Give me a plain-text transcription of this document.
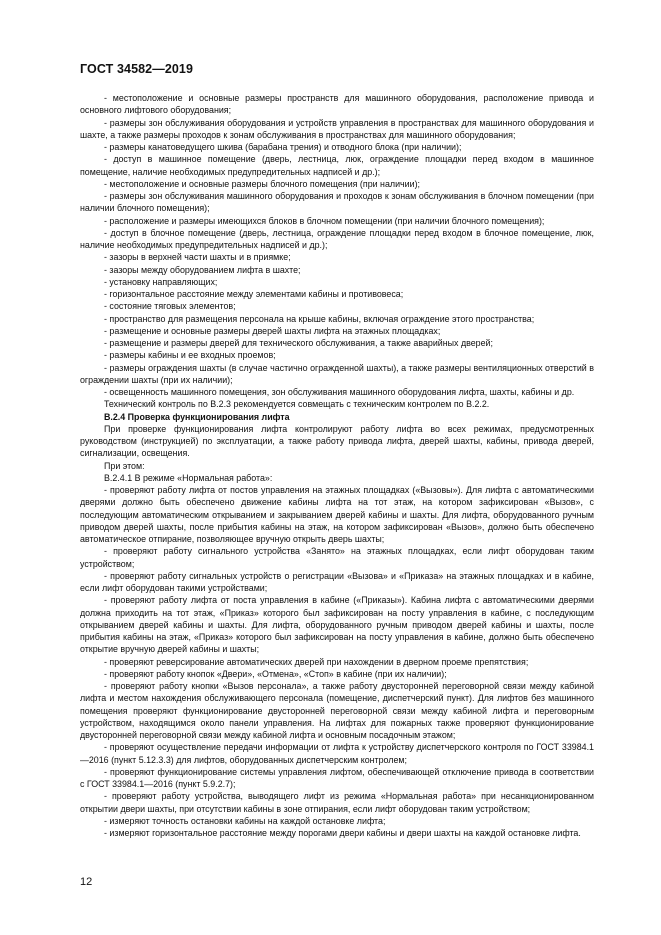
ГОСТ 34582—2019

- местоположение и основные размеры пространств для машинного оборудования, расположение привода и основного лифтового оборудования;

- размеры зон обслуживания оборудования и устройств управления в пространствах для машинного оборудования и шахте, а также размеры проходов к зонам обслуживания в пространствах для машинного оборудования;

- размеры канатоведущего шкива (барабана трения) и отводного блока (при наличии);

- доступ в машинное помещение (дверь, лестница, люк, ограждение площадки перед входом в машинное помещение, наличие необходимых предупредительных надписей и др.);

- местоположение и основные размеры блочного помещения (при наличии);

- размеры зон обслуживания машинного оборудования и проходов к зонам обслуживания в блочном помещении (при наличии блочного помещения);

- расположение и размеры имеющихся блоков в блочном помещении (при наличии блочного помещения);

- доступ в блочное помещение (дверь, лестница, ограждение площадки перед входом в блочное помещение, люк, наличие необходимых предупредительных надписей и др.);

- зазоры в верхней части шахты и в приямке;

- зазоры между оборудованием лифта в шахте;

- установку направляющих;

- горизонтальное расстояние между элементами кабины и противовеса;

- состояние тяговых элементов;

- пространство для размещения персонала на крыше кабины, включая ограждение этого пространства;

- размещение и основные размеры дверей шахты лифта на этажных площадках;

- размещение и размеры дверей для технического обслуживания, а также аварийных дверей;

- размеры кабины и ее входных проемов;

- размеры ограждения шахты (в случае частично огражденной шахты), а также размеры вентиляционных отверстий в ограждении шахты (при их наличии);

- освещенность машинного помещения, зон обслуживания машинного оборудования лифта, шахты, кабины и др.

Технический контроль по В.2.3 рекомендуется совмещать с техническим контролем по В.2.2.

В.2.4 Проверка функционирования лифта

При проверке функционирования лифта контролируют работу лифта во всех режимах, предусмотренных руководством (инструкцией) по эксплуатации, а также работу привода лифта, дверей шахты, кабины, привода дверей, сигнализации, освещения.

При этом:

В.2.4.1 В режиме «Нормальная работа»:

- проверяют работу лифта от постов управления на этажных площадках («Вызовы»). Для лифта с автоматическими дверями должно быть обеспечено движение кабины лифта на тот этаж, на котором зафиксирован «Вызов», с последующим автоматическим открыванием и закрыванием дверей кабины и шахты. Для лифта, оборудованного ручным приводом дверей шахты, после прибытия кабины на этаж, на котором зафиксирован «Вызов», должно быть обеспечено автоматическое отпирание, позволяющее вручную открыть дверь шахты;

- проверяют работу сигнального устройства «Занято» на этажных площадках, если лифт оборудован таким устройством;

- проверяют работу сигнальных устройств о регистрации «Вызова» и «Приказа» на этажных площадках и в кабине, если лифт оборудован такими устройствами;

- проверяют работу лифта от поста управления в кабине («Приказы»). Кабина лифта с автоматическими дверями должна приходить на тот этаж, «Приказ» которого был зафиксирован на посту управления в кабине, с последующим открыванием дверей кабины и шахты. Для лифта, оборудованного ручным приводом дверей кабины и шахты, после прибытия кабины на этаж, «Приказ» которого был зафиксирован на посту управления в кабине, должно быть обеспечено открытие вручную дверей кабины и шахты;

- проверяют реверсирование автоматических дверей при нахождении в дверном проеме препятствия;

- проверяют работу кнопок «Двери», «Отмена», «Стоп» в кабине (при их наличии);

- проверяют работу кнопки «Вызов персонала», а также работу двусторонней переговорной связи между кабиной лифта и местом нахождения обслуживающего персонала (помещение, диспетчерский пункт). Для лифтов без машинного помещения проверяют функционирование двусторонней переговорной связи между кабиной лифта и переговорным устройством, находящимся около панели управления. На лифтах для пожарных также проверяют функционирование двусторонней переговорной связи между кабиной лифта и основным посадочным этажом;

- проверяют осуществление передачи информации от лифта к устройству диспетчерского контроля по ГОСТ 33984.1—2016 (пункт 5.12.3.3) для лифтов, оборудованных диспетчерским контролем;

- проверяют функционирование системы управления лифтом, обеспечивающей отключение привода в соответствии с ГОСТ 33984.1—2016 (пункт 5.9.2.7);

- проверяют работу устройства, выводящего лифт из режима «Нормальная работа» при несанкционированном открытии двери шахты, при отсутствии кабины в зоне отпирания, если лифт оборудован таким устройством;

- измеряют точность остановки кабины на каждой остановке лифта;

- измеряют горизонтальное расстояние между порогами двери кабины и двери шахты на каждой остановке лифта.

12
